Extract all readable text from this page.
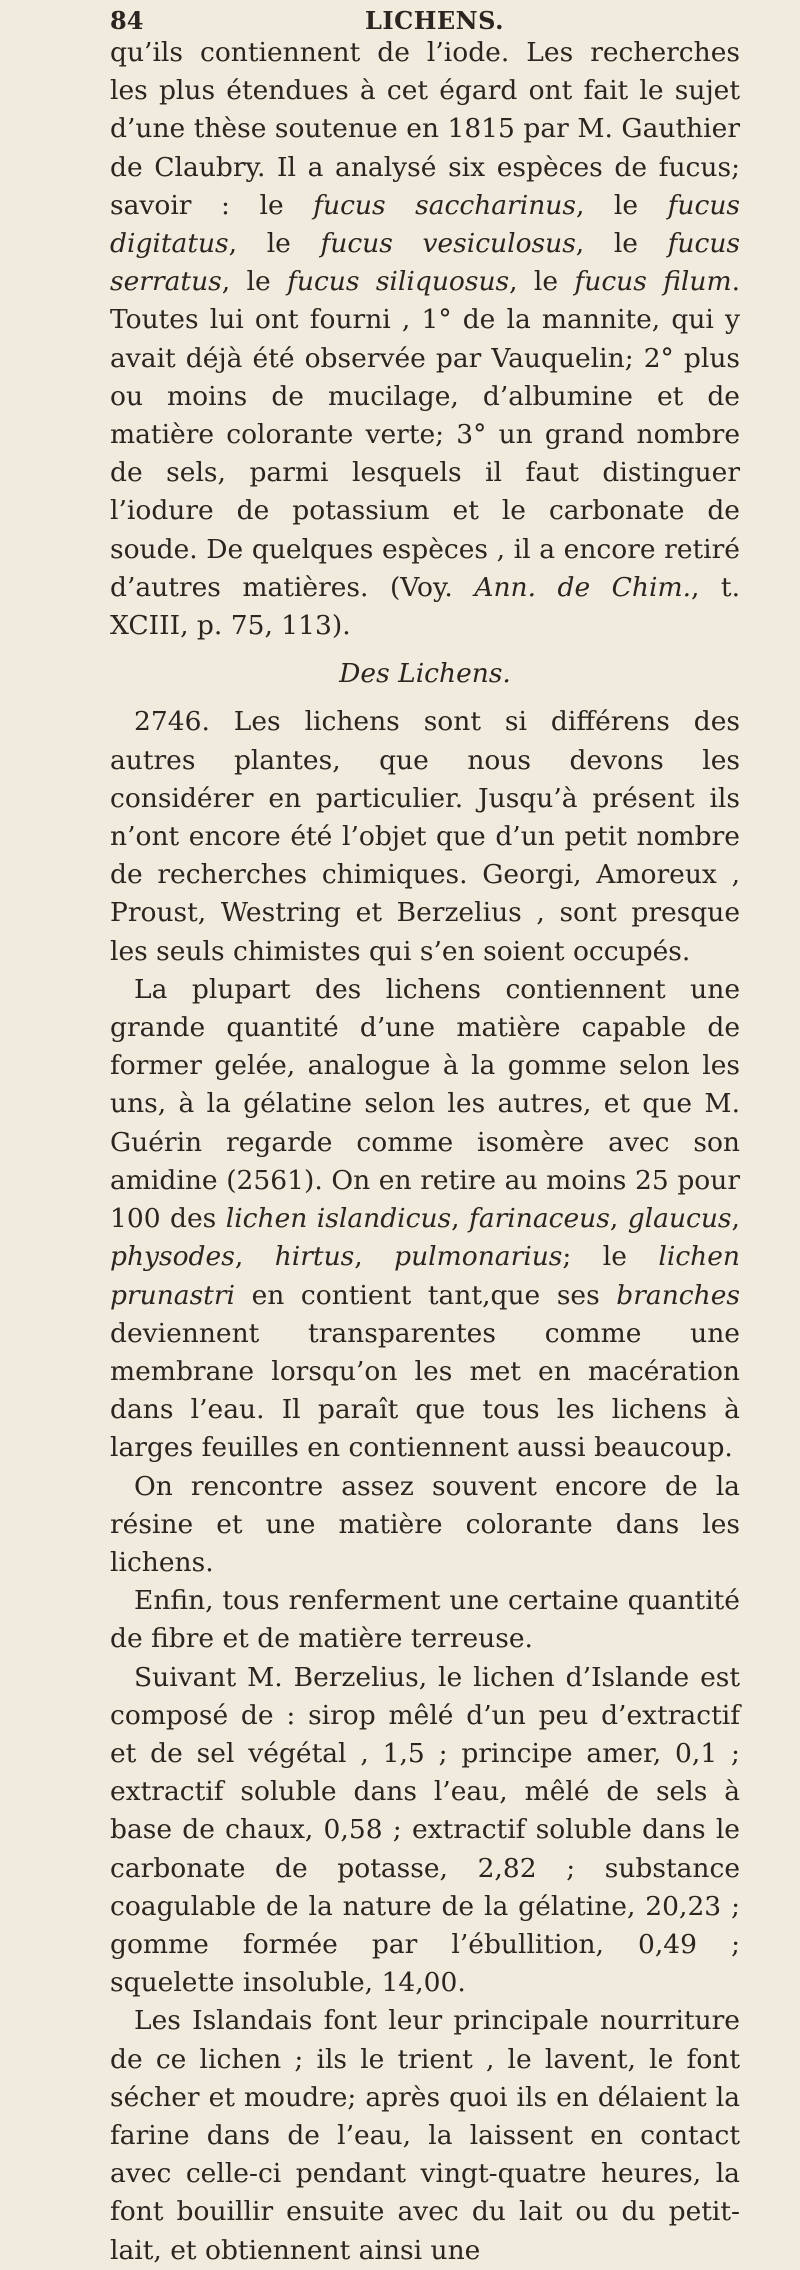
84	LICHENS.

qu’ils contiennent de l’iode. Les recherches les plus étendues à cet égard ont fait le sujet d’une thèse soutenue en 1815 par M. Gauthier de Claubry. Il a analysé six espèces de fucus; savoir : le fucus saccharinus, le fucus digitatus, le fucus vesiculosus, le fucus serratus, le fucus siliquosus, le fucus filum. Toutes lui ont fourni , 1° de la mannite, qui y avait déjà été observée par Vauquelin; 2° plus ou moins de mucilage, d’albumine et de matière colorante verte; 3° un grand nombre de sels, parmi lesquels il faut distinguer l’iodure de potassium et le carbonate de soude. De quelques espèces , il a encore retiré d’autres matières. (Voy. Ann. de Chim., t. XCIII, p. 75, 113).

Des Lichens.

2746. Les lichens sont si différens des autres plantes, que nous devons les considérer en particulier. Jusqu’à présent ils n’ont encore été l’objet que d’un petit nombre de recherches chimiques. Georgi, Amoreux , Proust, Westring et Berzelius , sont presque les seuls chimistes qui s’en soient occupés.

La plupart des lichens contiennent une grande quantité d’une matière capable de former gelée, analogue à la gomme selon les uns, à la gélatine selon les autres, et que M. Guérin regarde comme isomère avec son amidine (2561). On en retire au moins 25 pour 100 des lichen islandicus, farinaceus, glaucus, physodes, hirtus, pulmonarius; le lichen prunastri en contient tant,que ses branches deviennent transparentes comme une membrane lorsqu’on les met en macération dans l’eau. Il paraît que tous les lichens à larges feuilles en contiennent aussi beaucoup.

On rencontre assez souvent encore de la résine et une matière colorante dans les lichens.

Enfin, tous renferment une certaine quantité de fibre et de matière terreuse.

Suivant M. Berzelius, le lichen d’Islande est composé de : sirop mêlé d’un peu d’extractif et de sel végétal , 1,5 ; principe amer, 0,1 ; extractif soluble dans l’eau, mêlé de sels à base de chaux, 0,58 ; extractif soluble dans le carbonate de potasse, 2,82 ; substance coagulable de la nature de la gélatine, 20,23 ; gomme formée par l’ébullition, 0,49 ; squelette insoluble, 14,00.

Les Islandais font leur principale nourriture de ce lichen ; ils le trient , le lavent, le font sécher et moudre; après quoi ils en délaient la farine dans de l’eau, la laissent en contact avec celle-ci pendant vingt-quatre heures, la font bouillir ensuite avec du lait ou du petit-lait, et obtiennent ainsi une
